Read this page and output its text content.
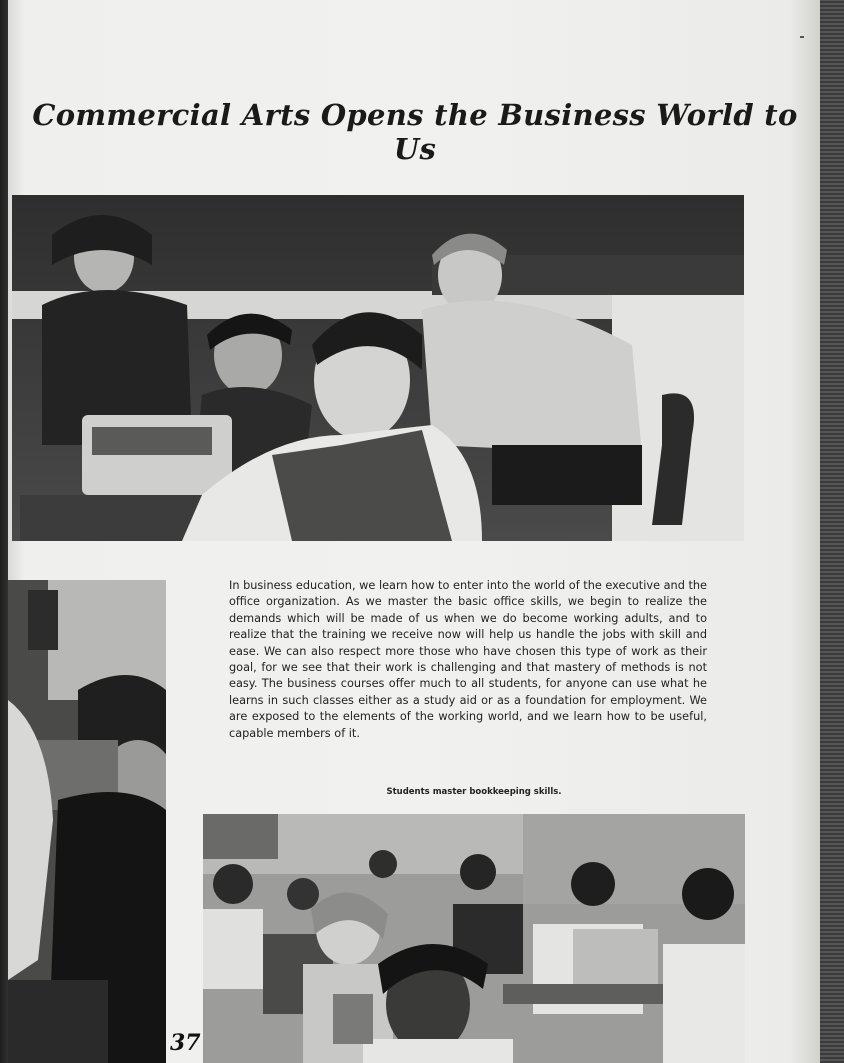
Commercial Arts Opens the Business World to Us
In business education, we learn how to enter into the world of the executive and the office organization. As we master the basic office skills, we begin to realize the demands which will be made of us when we do become working adults, and to realize that the training we receive now will help us handle the jobs with skill and ease. We can also respect more those who have chosen this type of work as their goal, for we see that their work is challenging and that mastery of methods is not easy. The business courses offer much to all students, for anyone can use what he learns in such classes either as a study aid or as a foundation for employment. We are exposed to the elements of the working world, and we learn how to be useful, capable members of it.
Students master bookkeeping skills.
37
